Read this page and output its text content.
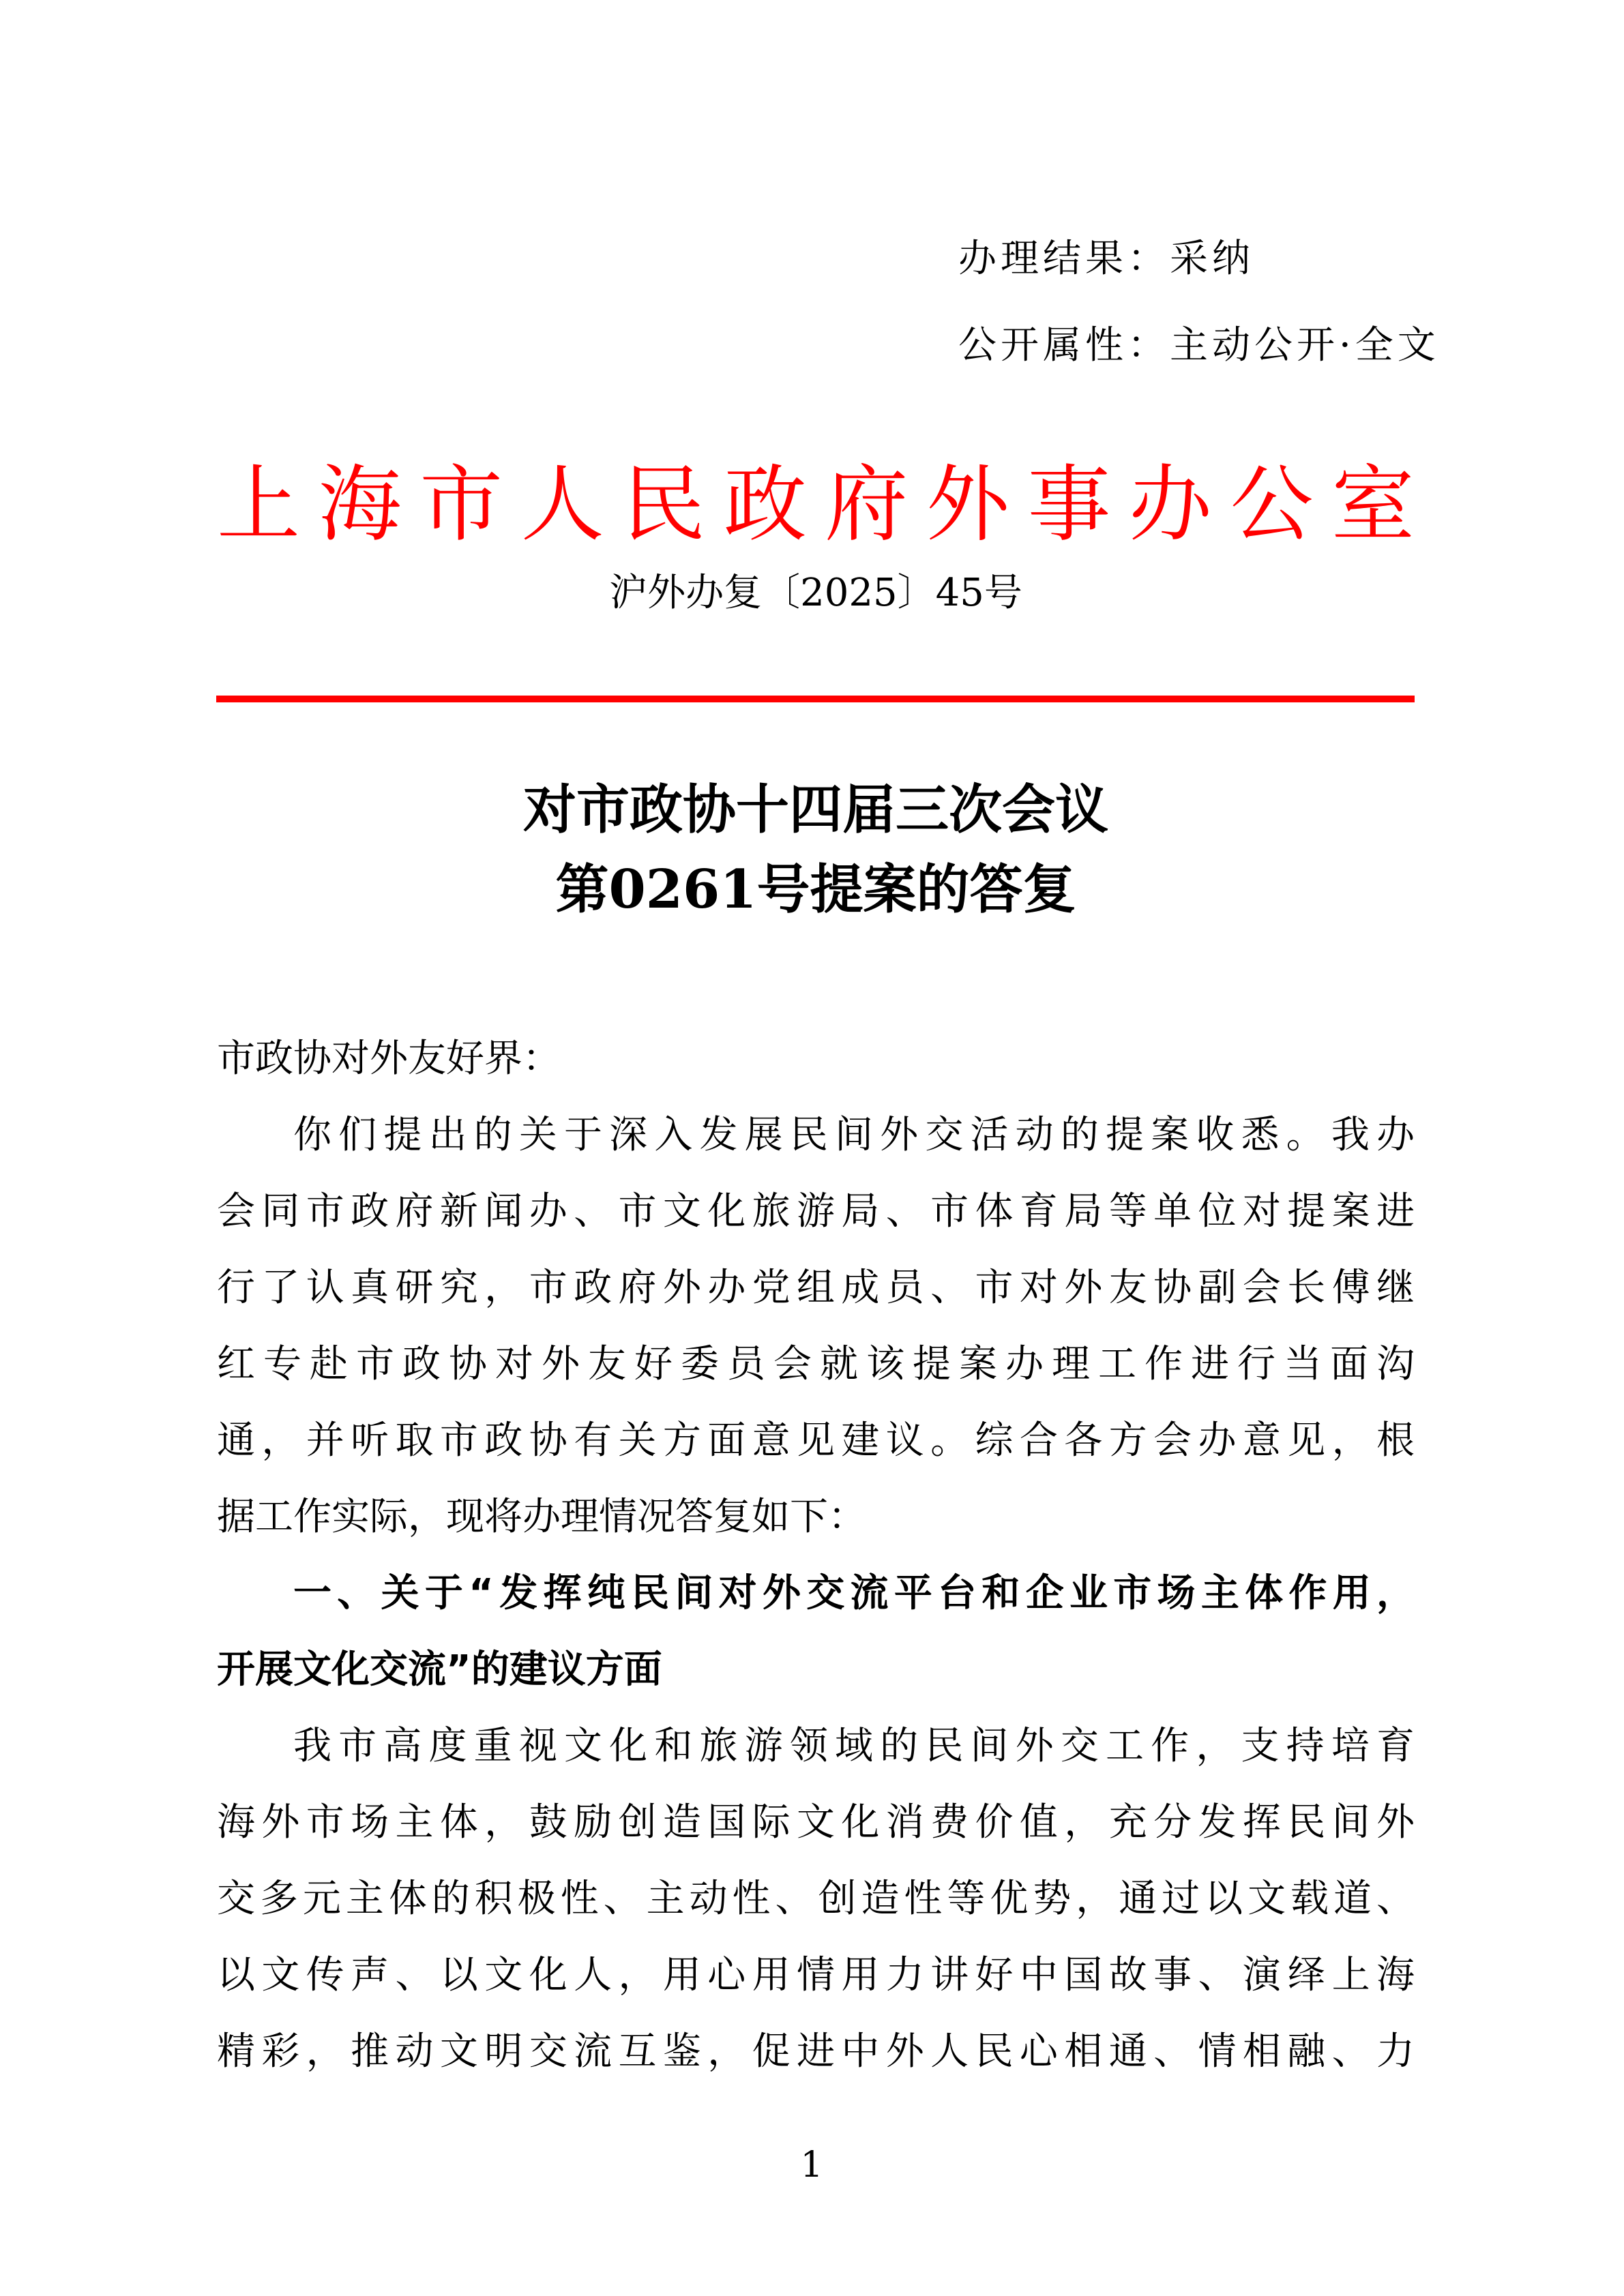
办理结果：采纳
公开属性：主动公开·全文
上海市人民政府外事办公室
沪外办复〔2025〕45号
对市政协十四届三次会议
第0261号提案的答复
市政协对外友好界：
你们提出的关于深入发展民间外交活动的提案收悉。我办
会同市政府新闻办、市文化旅游局、市体育局等单位对提案进
行了认真研究，市政府外办党组成员、市对外友协副会长傅继
红专赴市政协对外友好委员会就该提案办理工作进行当面沟
通，并听取市政协有关方面意见建议。综合各方会办意见，根
据工作实际，现将办理情况答复如下：
一、关于“发挥纯民间对外交流平台和企业市场主体作用，
开展文化交流”的建议方面
我市高度重视文化和旅游领域的民间外交工作，支持培育
海外市场主体，鼓励创造国际文化消费价值，充分发挥民间外
交多元主体的积极性、主动性、创造性等优势，通过以文载道、
以文传声、以文化人，用心用情用力讲好中国故事、演绎上海
精彩，推动文明交流互鉴，促进中外人民心相通、情相融、力
1
